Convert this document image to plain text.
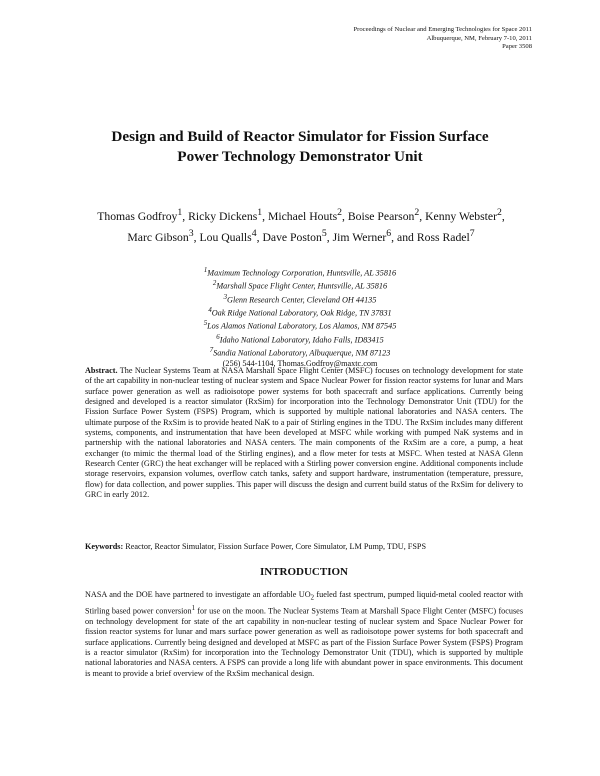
Proceedings of Nuclear and Emerging Technologies for Space 2011
Albuquerque, NM, February 7-10, 2011
Paper 3508
Design and Build of Reactor Simulator for Fission Surface
Power Technology Demonstrator Unit
Thomas Godfroy$^1$, Ricky Dickens$^1$, Michael Houts$^2$, Boise Pearson$^2$, Kenny Webster$^2$, Marc Gibson$^3$, Lou Qualls$^4$, Dave Poston$^5$, Jim Werner$^6$, and Ross Radel$^7$
$^1$Maximum Technology Corporation, Huntsville, AL 35816
$^2$Marshall Space Flight Center, Huntsville, AL 35816
$^3$Glenn Research Center, Cleveland OH 44135
$^4$Oak Ridge National Laboratory, Oak Ridge, TN 37831
$^5$Los Alamos National Laboratory, Los Alamos, NM 87545
$^6$Idaho National Laboratory, Idaho Falls, ID83415
$^7$Sandia National Laboratory, Albuquerque, NM 87123
(256) 544-1104, Thomas.Godfroy@maxtc.com
Abstract. The Nuclear Systems Team at NASA Marshall Space Flight Center (MSFC) focuses on technology development for state of the art capability in non-nuclear testing of nuclear system and Space Nuclear Power for fission reactor systems for lunar and Mars surface power generation as well as radioisotope power systems for both spacecraft and surface applications. Currently being designed and developed is a reactor simulator (RxSim) for incorporation into the Technology Demonstrator Unit (TDU) for the Fission Surface Power System (FSPS) Program, which is supported by multiple national laboratories and NASA centers. The ultimate purpose of the RxSim is to provide heated NaK to a pair of Stirling engines in the TDU. The RxSim includes many different systems, components, and instrumentation that have been developed at MSFC while working with pumped NaK systems and in partnership with the national laboratories and NASA centers. The main components of the RxSim are a core, a pump, a heat exchanger (to mimic the thermal load of the Stirling engines), and a flow meter for tests at MSFC. When tested at NASA Glenn Research Center (GRC) the heat exchanger will be replaced with a Stirling power conversion engine. Additional components include storage reservoirs, expansion volumes, overflow catch tanks, safety and support hardware, instrumentation (temperature, pressure, flow) for data collection, and power supplies. This paper will discuss the design and current build status of the RxSim for delivery to GRC in early 2012.
Keywords: Reactor, Reactor Simulator, Fission Surface Power, Core Simulator, LM Pump, TDU, FSPS
INTRODUCTION
NASA and the DOE have partnered to investigate an affordable $UO_2$ fueled fast spectrum, pumped liquid-metal cooled reactor with Stirling based power conversion$^1$ for use on the moon. The Nuclear Systems Team at Marshall Space Flight Center (MSFC) focuses on technology development for state of the art capability in non-nuclear testing of nuclear system and Space Nuclear Power for fission reactor systems for lunar and mars surface power generation as well as radioisotope power systems for both spacecraft and surface applications. Currently being designed and developed at MSFC as part of the Fission Surface Power System (FSPS) Program is a reactor simulator (RxSim) for incorporation into the Technology Demonstrator Unit (TDU), which is supported by multiple national laboratories and NASA centers. A FSPS can provide a long life with abundant power in space environments. This document is meant to provide a brief overview of the RxSim mechanical design.
